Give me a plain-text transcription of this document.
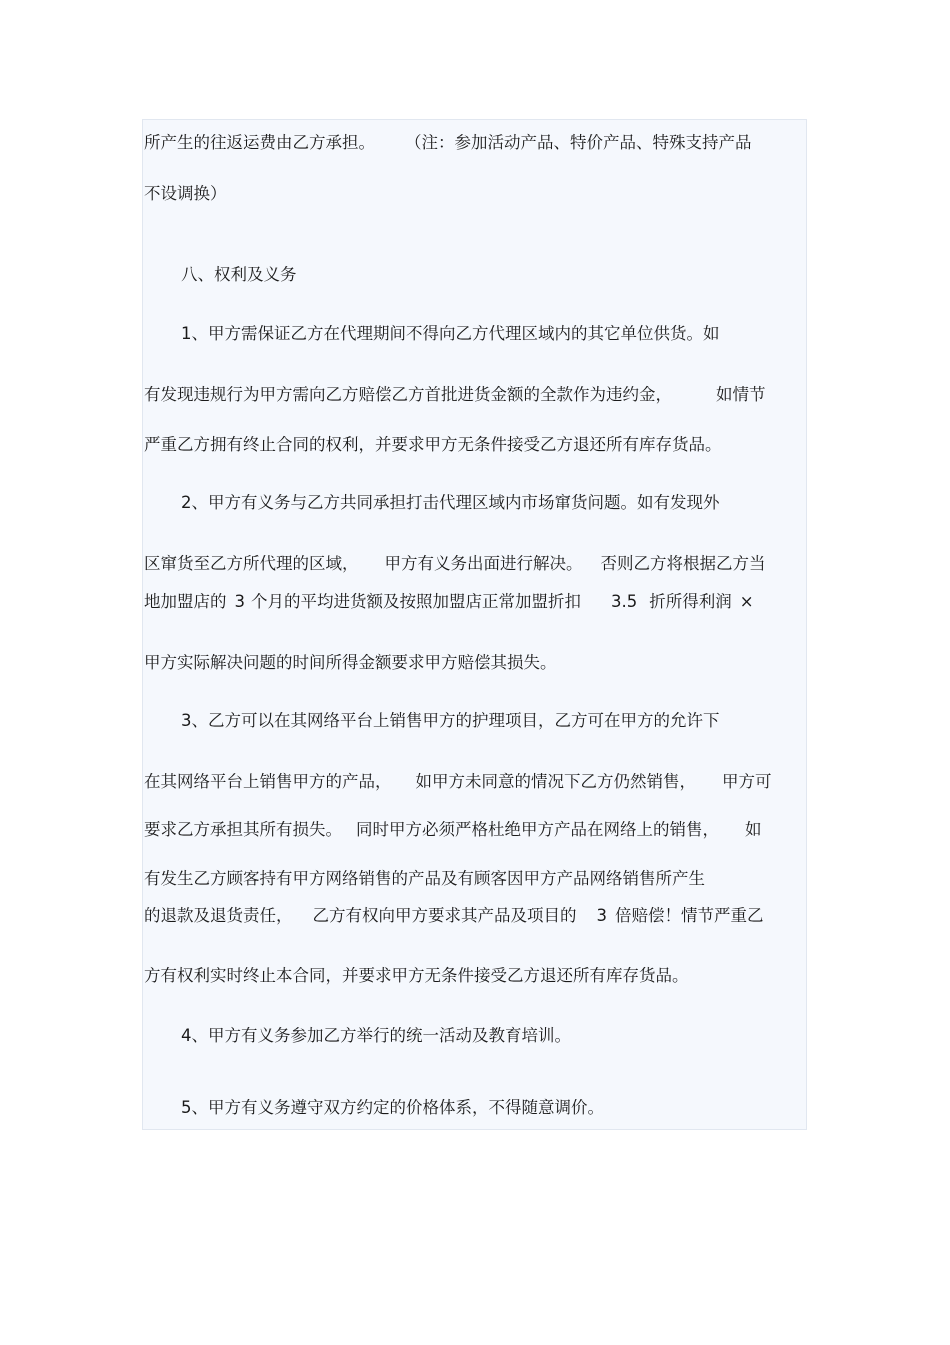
所产生的往返运费由乙方承担。 （注：参加活动产品、特价产品、特殊支持产品
不设调换）
八、权利及义务
1、甲方需保证乙方在代理期间不得向乙方代理区域内的其它单位供货。如
有发现违规行为甲方需向乙方赔偿乙方首批进货金额的全款作为违约金，	如情节
严重乙方拥有终止合同的权利，并要求甲方无条件接受乙方退还所有库存货品。
2、甲方有义务与乙方共同承担打击代理区域内市场窜货问题。如有发现外
区窜货至乙方所代理的区域， 甲方有义务出面进行解决。 否则乙方将根据乙方当
地加盟店的 3 个月的平均进货额及按照加盟店正常加盟折扣 3.5 折所得利润 ×
甲方实际解决问题的时间所得金额要求甲方赔偿其损失。
3、乙方可以在其网络平台上销售甲方的护理项目，乙方可在甲方的允许下
在其网络平台上销售甲方的产品， 如甲方未同意的情况下乙方仍然销售， 甲方可
要求乙方承担其所有损失。 同时甲方必须严格杜绝甲方产品在网络上的销售， 如
有发生乙方顾客持有甲方网络销售的产品及有顾客因甲方产品网络销售所产生
的退款及退货责任， 乙方有权向甲方要求其产品及项目的 3 倍赔偿！情节严重乙
方有权利实时终止本合同，并要求甲方无条件接受乙方退还所有库存货品。
4、甲方有义务参加乙方举行的统一活动及教育培训。
5、甲方有义务遵守双方约定的价格体系，不得随意调价。
